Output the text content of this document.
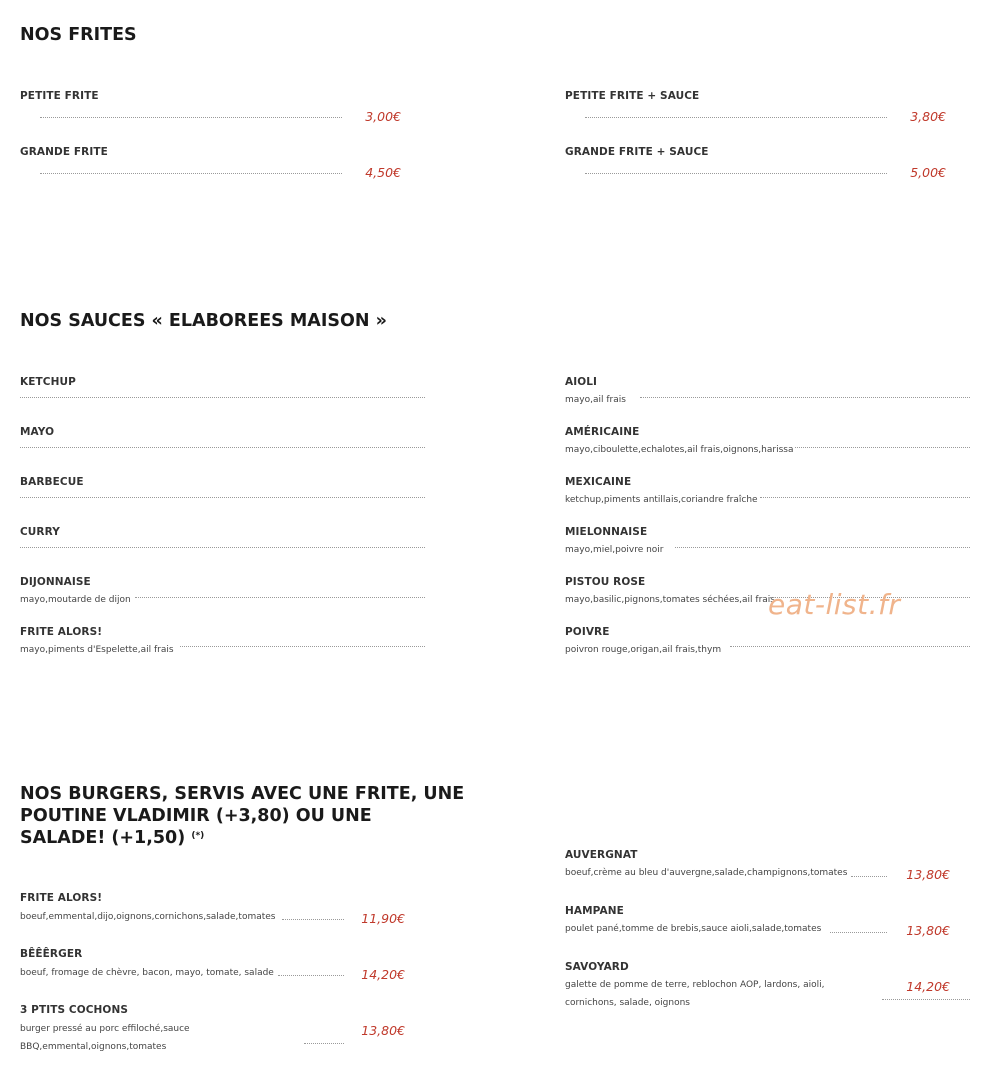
NOS FRITES
PETITE FRITE
3,00€
GRANDE FRITE
4,50€
PETITE FRITE + SAUCE
3,80€
GRANDE FRITE + SAUCE
5,00€
NOS SAUCES « ELABOREES MAISON »
KETCHUP
MAYO
BARBECUE
CURRY
DIJONNAISE
mayo,moutarde de dijon
FRITE ALORS!
mayo,piments d'Espelette,ail frais
AIOLI
mayo,ail frais
AMÉRICAINE
mayo,ciboulette,echalotes,ail frais,oignons,harissa
MEXICAINE
ketchup,piments antillais,coriandre fraîche
MIELONNAISE
mayo,miel,poivre noir
PISTOU ROSE
mayo,basilic,pignons,tomates séchées,ail frais
POIVRE
poivron rouge,origan,ail frais,thym
eat-list.fr
NOS BURGERS, SERVIS AVEC UNE FRITE, UNE
POUTINE VLADIMIR (+3,80) OU UNE
SALADE! (+1,50) (*)
FRITE ALORS!
boeuf,emmental,dijo,oignons,cornichons,salade,tomates	11,90€
BÊÊÊRGER
boeuf, fromage de chèvre, bacon, mayo, tomate, salade	14,20€
3 PTITS COCHONS
burger pressé au porc effiloché,sauce
BBQ,emmental,oignons,tomates
13,80€
AUVERGNAT
boeuf,crème au bleu d'auvergne,salade,champignons,tomates	13,80€
HAMPANE
poulet pané,tomme de brebis,sauce aioli,salade,tomates	13,80€
SAVOYARD
galette de pomme de terre, reblochon AOP, lardons, aioli,
cornichons, salade, oignons
14,20€
